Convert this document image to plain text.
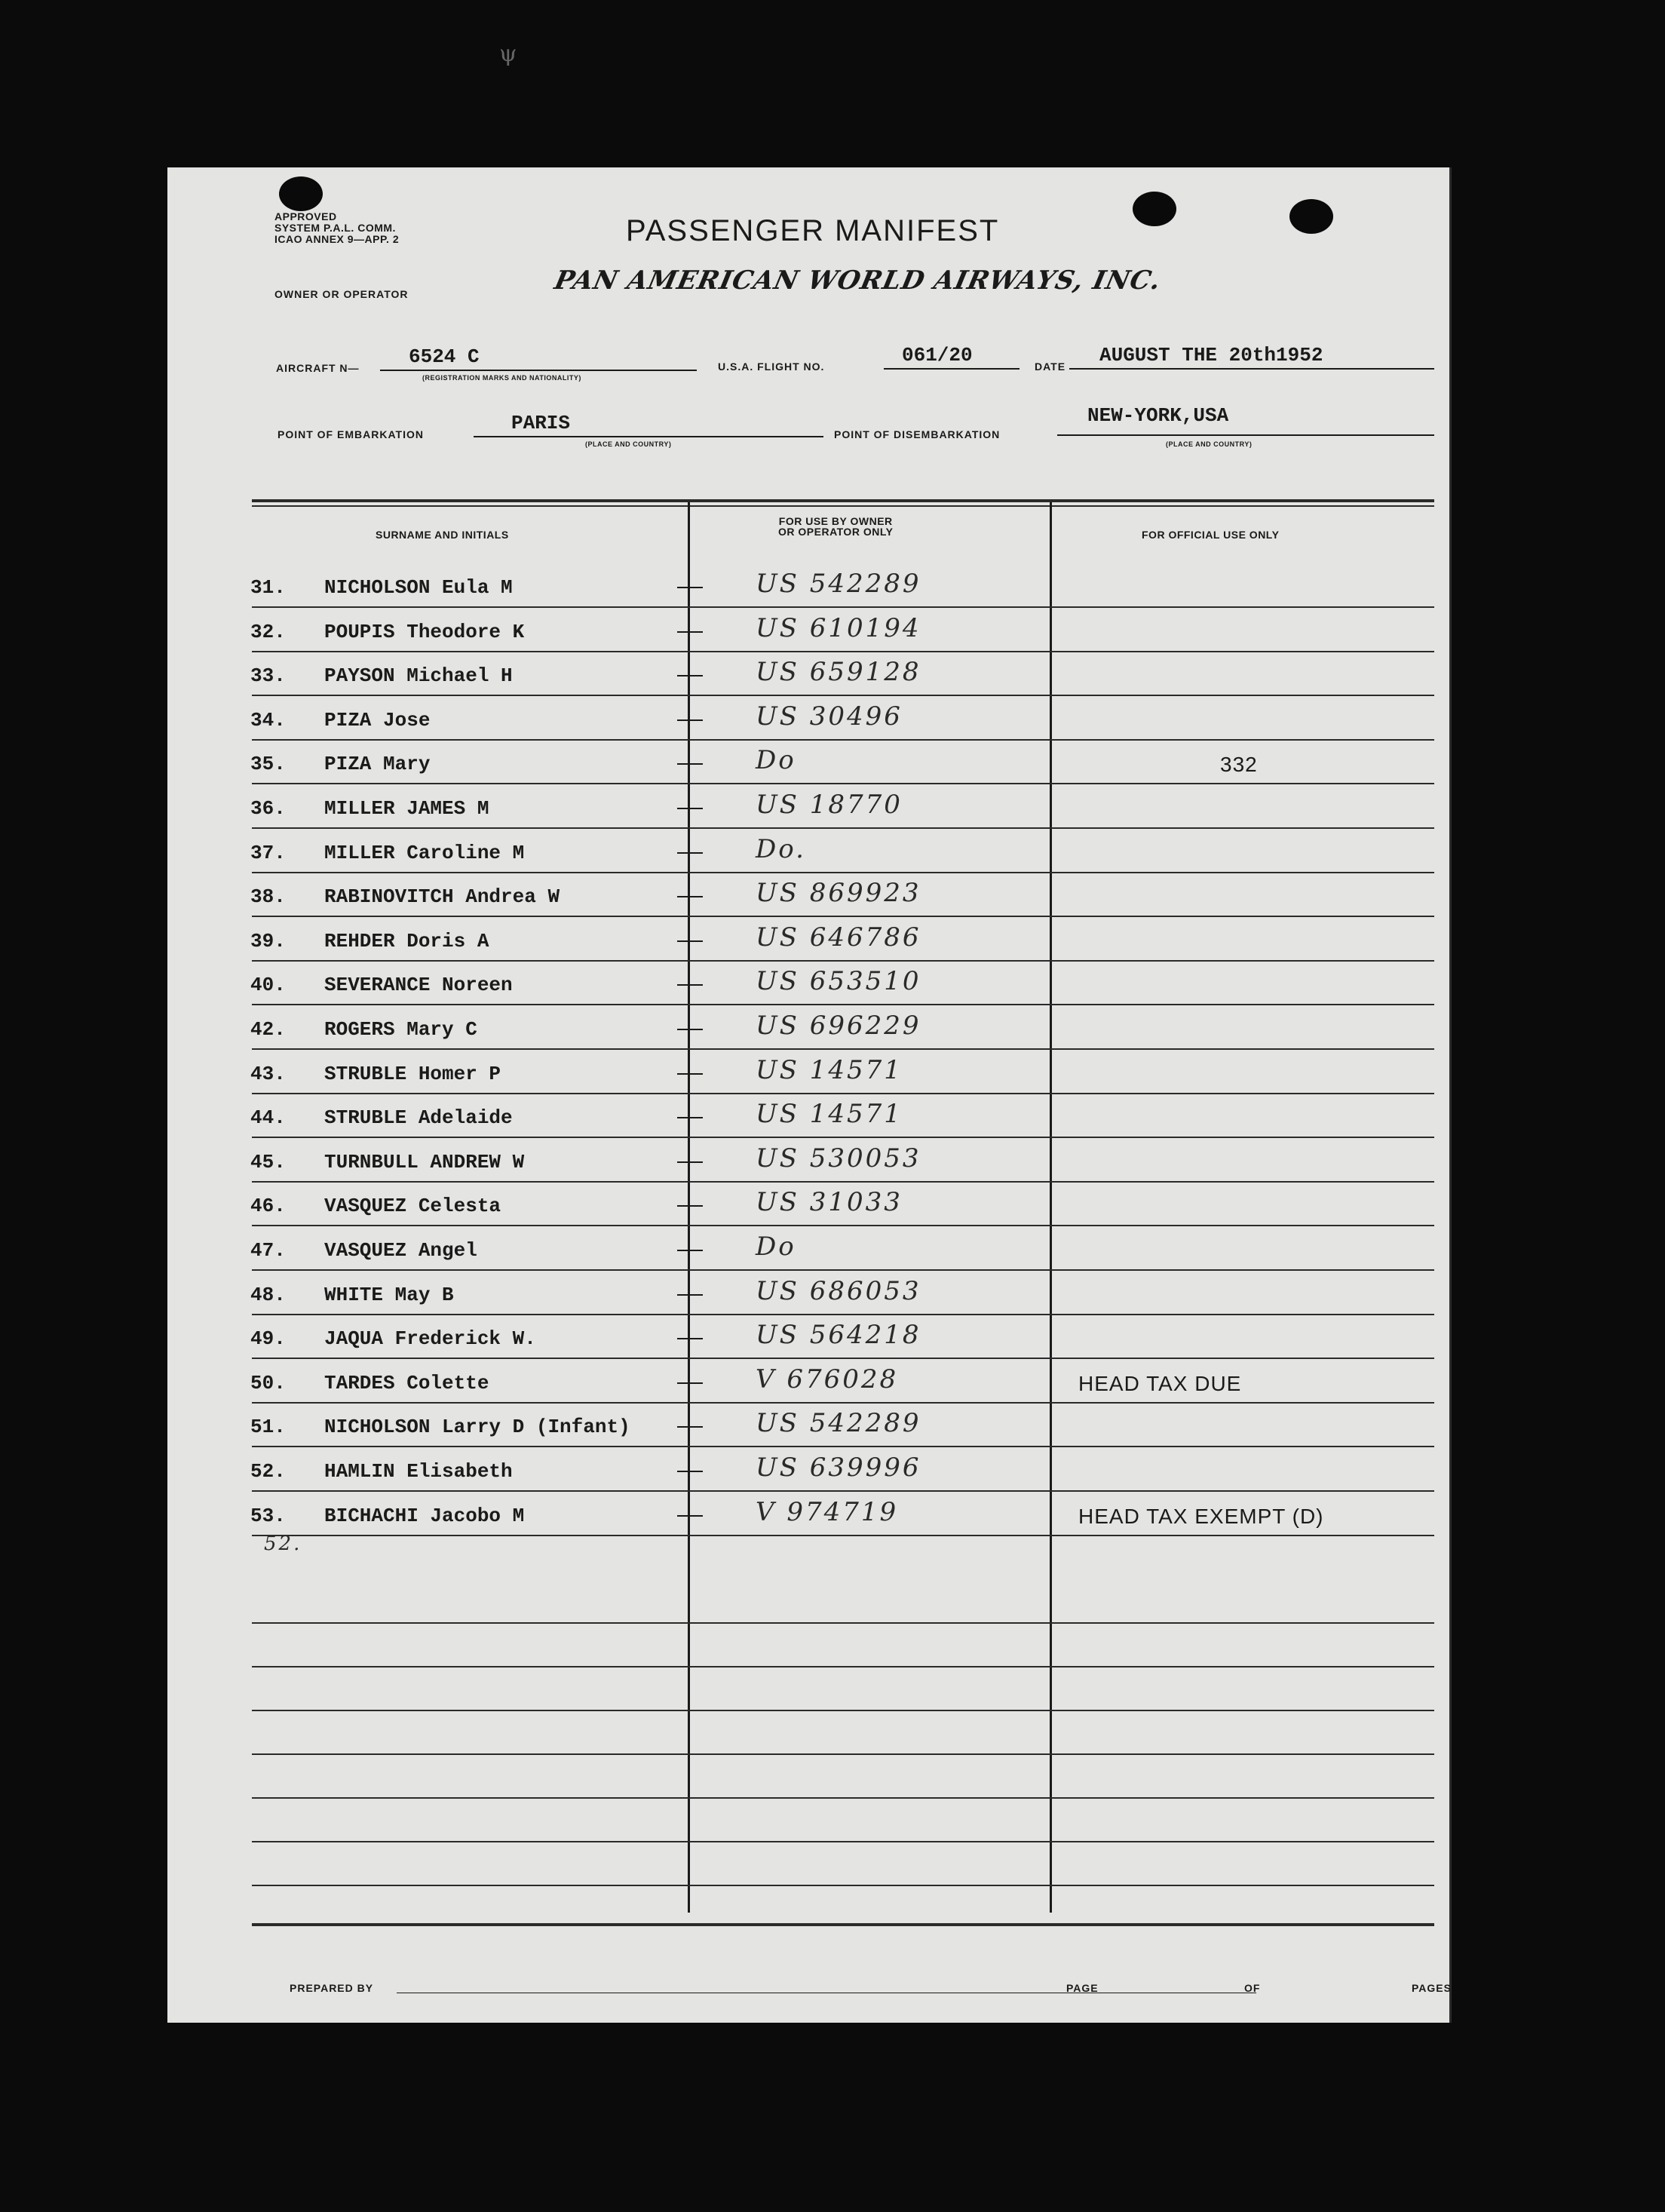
ψ
APPROVED
SYSTEM P.A.L. COMM.
ICAO ANNEX 9—APP. 2	PASSENGER MANIFEST
OWNER OR OPERATOR	PAN AMERICAN WORLD AIRWAYS, INC.
AIRCRAFT N—	6524 C
(REGISTRATION MARKS AND NATIONALITY)
U.S.A. FLIGHT NO.	061/20	DATE AUGUST THE 20th1952
POINT OF EMBARKATION	PARIS
(PLACE AND COUNTRY)
POINT OF DISEMBARKATION
NEW-YORK,USA
(PLACE AND COUNTRY)
SURNAME AND INITIALS
FOR USE BY OWNER
OR OPERATOR ONLY	FOR OFFICIAL USE ONLY
31. NICHOLSON Eula M	US 542289
32. POUPIS Theodore K	US 610194
33. PAYSON Michael H	US 659128
34. PIZA Jose	US 30496
35. PIZA Mary	Do	332
36. MILLER JAMES M	US 18770
37. MILLER Caroline M	Do.
38. RABINOVITCH Andrea W	US 869923
39. REHDER Doris A	US 646786
40. SEVERANCE Noreen	US 653510
42. ROGERS Mary C	US 696229
43. STRUBLE Homer P	US 14571
44. STRUBLE Adelaide	US 14571
45. TURNBULL ANDREW W	US 530053
46. VASQUEZ Celesta	US 31033
47. VASQUEZ Angel	Do
48. WHITE May B	US 686053
49. JAQUA Frederick W.	US 564218
50. TARDES Colette	V 676028	HEAD TAX DUE
51. NICHOLSON Larry D (Infant)	US 542289
52. HAMLIN Elisabeth	US 639996
53. BICHACHI Jacobo M	V 974719	HEAD TAX EXEMPT (D)
52.
PREPARED BY	PAGE	OF	PAGES
